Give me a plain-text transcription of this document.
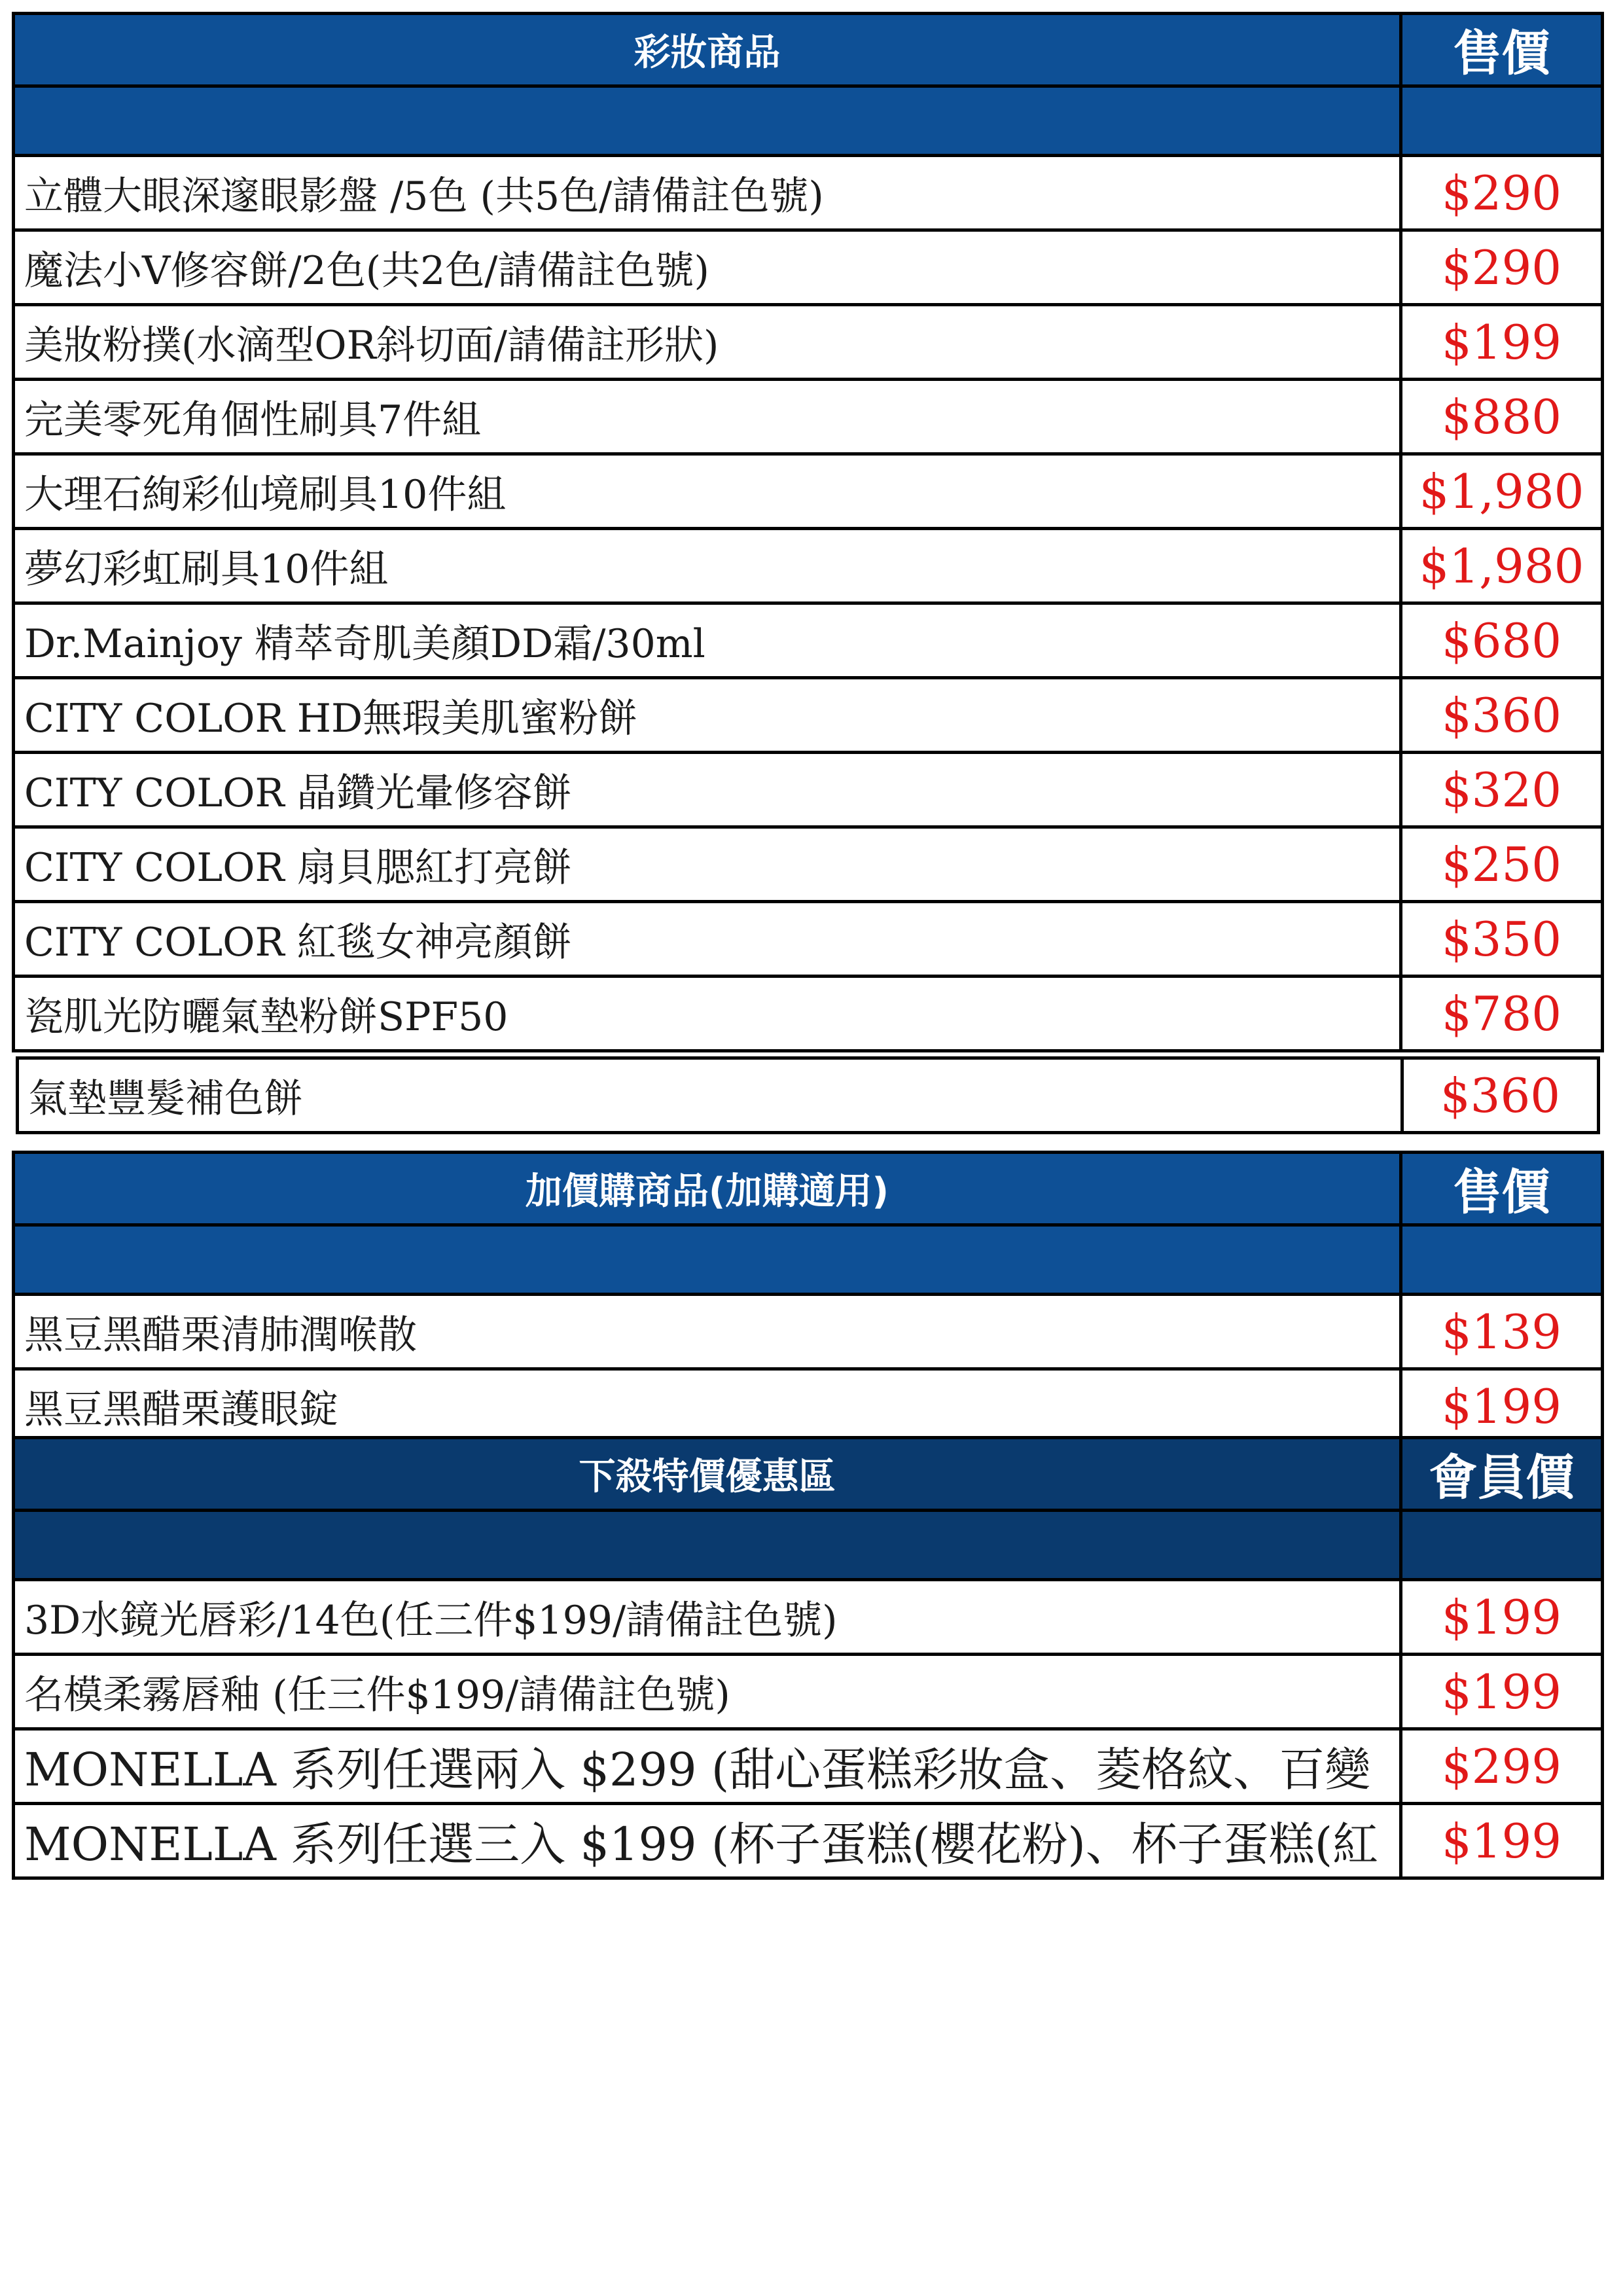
彩妝商品	售價

立體大眼深邃眼影盤 /5色 (共5色/請備註色號)	$290
魔法小V修容餅/2色(共2色/請備註色號)	$290
美妝粉撲(水滴型OR斜切面/請備註形狀)	$199
完美零死角個性刷具7件組	$880
大理石絢彩仙境刷具10件組	$1,980
夢幻彩虹刷具10件組	$1,980
Dr.Mainjoy 精萃奇肌美顏DD霜/30ml	$680
CITY COLOR HD無瑕美肌蜜粉餅	$360
CITY COLOR 晶鑽光暈修容餅	$320
CITY COLOR 扇貝腮紅打亮餅	$250
CITY COLOR 紅毯女神亮顏餅	$350
瓷肌光防曬氣墊粉餅SPF50	$780
氣墊豐髮補色餅	$360
加價購商品(加購適用)	售價

黑豆黑醋栗清肺潤喉散	$139
黑豆黑醋栗護眼錠	$199
下殺特價優惠區	會員價

3D水鏡光唇彩/14色(任三件$199/請備註色號)	$199
名模柔霧唇釉 (任三件$199/請備註色號)	$199
MONELLA 系列任選兩入 $299 (甜心蛋糕彩妝盒、菱格紋、百變	$299
MONELLA 系列任選三入 $199 (杯子蛋糕(櫻花粉)、杯子蛋糕(紅	$199
